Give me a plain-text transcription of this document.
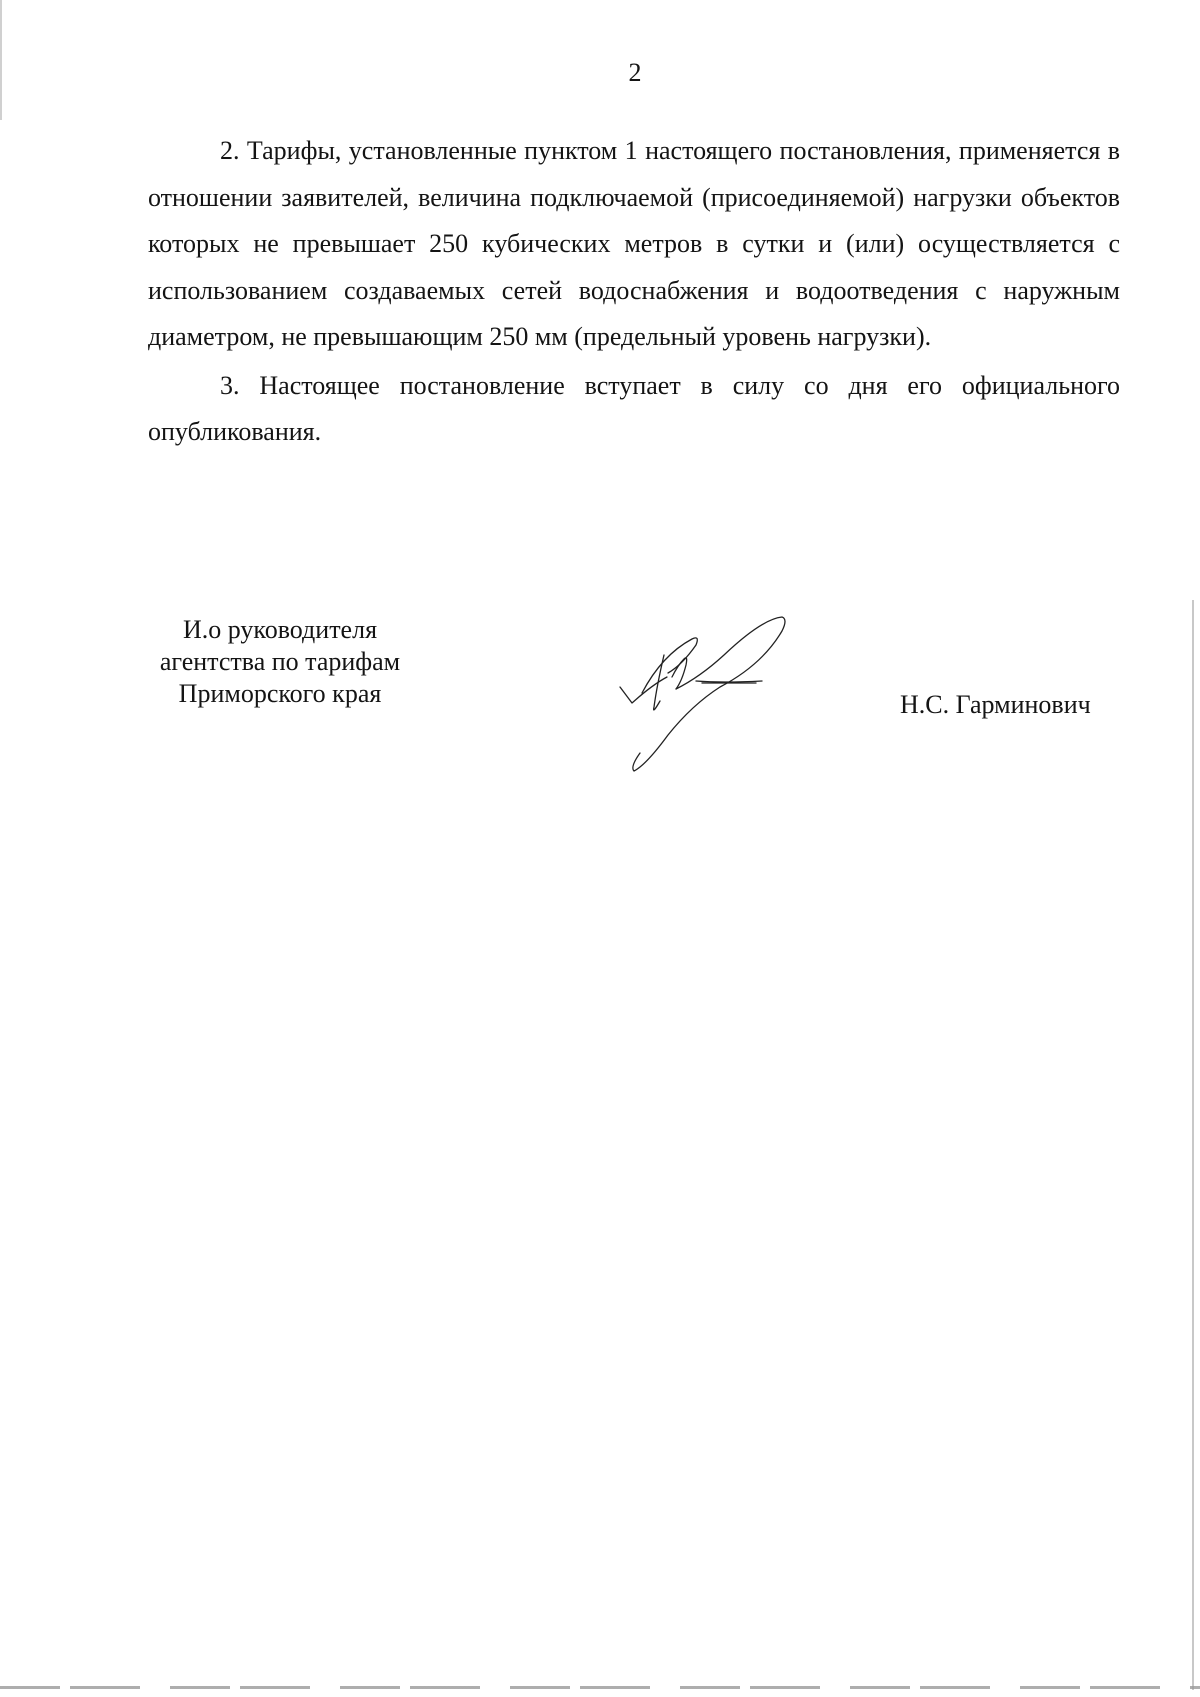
2

2. Тарифы, установленные пунктом 1 настоящего постановления, применяется в отношении заявителей, величина подключаемой (присоединяемой) нагрузки объектов которых не превышает 250 кубических метров в сутки и (или) осуществляется с использованием создаваемых сетей водоснабжения и водоотведения с наружным диаметром, не превышающим 250 мм (предельный уровень нагрузки).

3. Настоящее постановление вступает в силу со дня его официального опубликования.

И.о руководителя
агентства по тарифам
Приморского края	Н.С. Гарминович
